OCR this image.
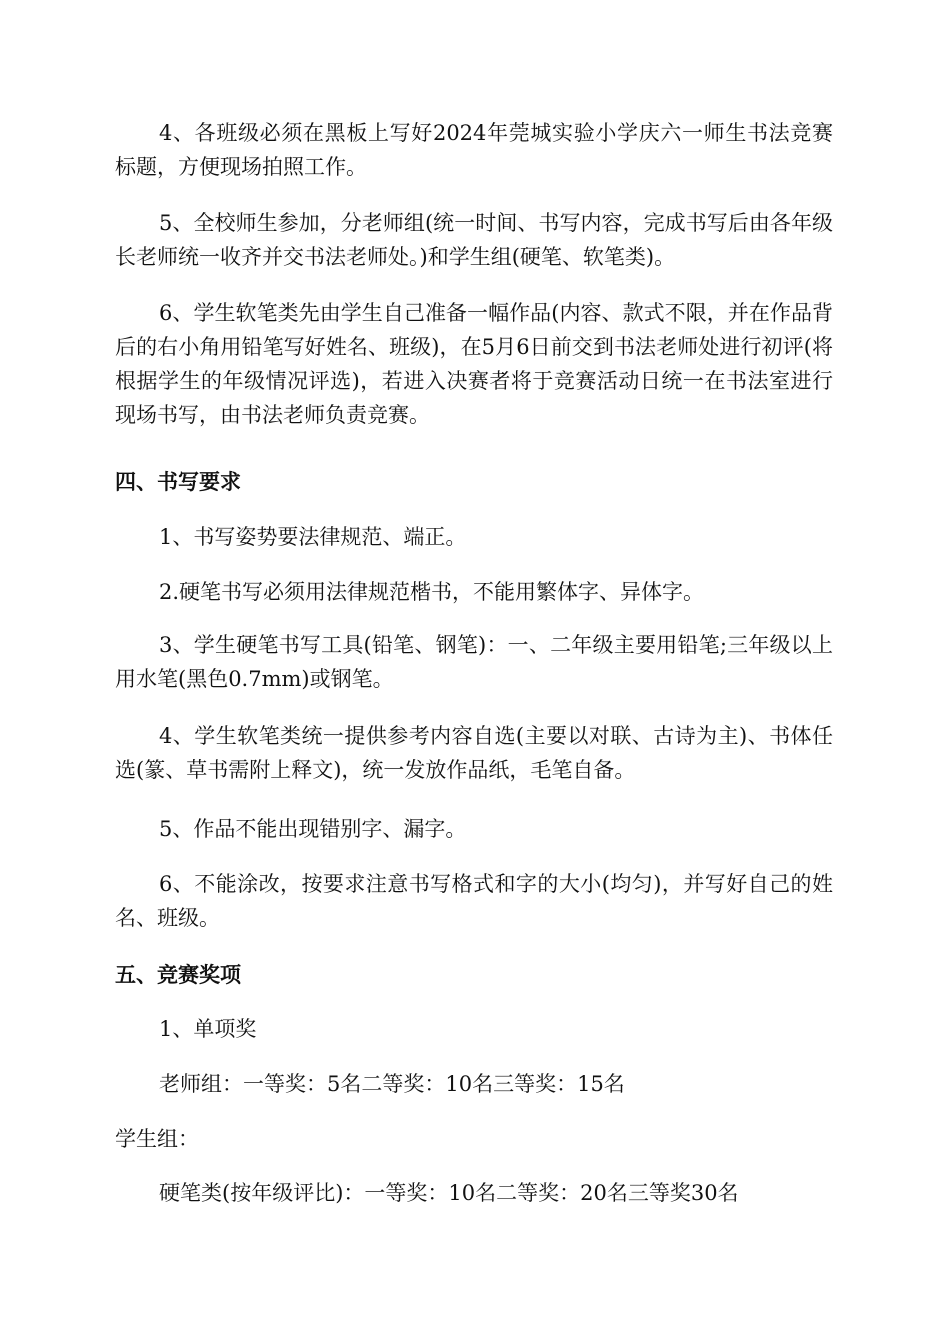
4、各班级必须在黑板上写好2024年莞城实验小学庆六一师生书法竞赛标题，方便现场拍照工作。

5、全校师生参加，分老师组(统一时间、书写内容，完成书写后由各年级长老师统一收齐并交书法老师处。)和学生组(硬笔、软笔类)。

6、学生软笔类先由学生自己准备一幅作品(内容、款式不限，并在作品背后的右小角用铅笔写好姓名、班级)，在5月6日前交到书法老师处进行初评(将根据学生的年级情况评选)，若进入决赛者将于竞赛活动日统一在书法室进行现场书写，由书法老师负责竞赛。

四、书写要求

1、书写姿势要法律规范、端正。

2.硬笔书写必须用法律规范楷书，不能用繁体字、异体字。

3、学生硬笔书写工具(铅笔、钢笔)：一、二年级主要用铅笔;三年级以上用水笔(黑色0.7mm)或钢笔。

4、学生软笔类统一提供参考内容自选(主要以对联、古诗为主)、书体任选(篆、草书需附上释文)，统一发放作品纸，毛笔自备。

5、作品不能出现错别字、漏字。

6、不能涂改，按要求注意书写格式和字的大小(均匀)，并写好自己的姓名、班级。

五、竞赛奖项

1、单项奖

老师组：一等奖：5名二等奖：10名三等奖：15名

学生组：

硬笔类(按年级评比)：一等奖：10名二等奖：20名三等奖30名
